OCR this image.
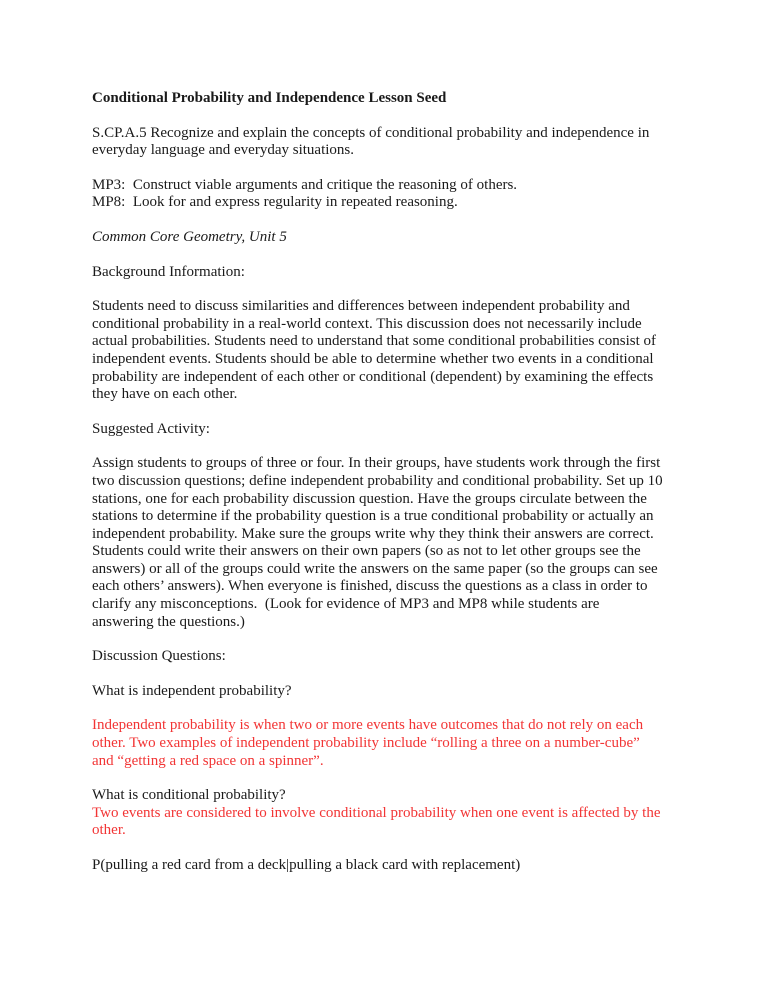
Conditional Probability and Independence Lesson Seed

S.CP.A.5 Recognize and explain the concepts of conditional probability and independence in everyday language and everyday situations.

MP3:  Construct viable arguments and critique the reasoning of others.

MP8:  Look for and express regularity in repeated reasoning.

Common Core Geometry, Unit 5

Background Information:

Students need to discuss similarities and differences between independent probability and conditional probability in a real-world context. This discussion does not necessarily include actual probabilities. Students need to understand that some conditional probabilities consist of independent events. Students should be able to determine whether two events in a conditional probability are independent of each other or conditional (dependent) by examining the effects they have on each other.

Suggested Activity:

Assign students to groups of three or four. In their groups, have students work through the first two discussion questions; define independent probability and conditional probability. Set up 10 stations, one for each probability discussion question. Have the groups circulate between the stations to determine if the probability question is a true conditional probability or actually an independent probability. Make sure the groups write why they think their answers are correct. Students could write their answers on their own papers (so as not to let other groups see the answers) or all of the groups could write the answers on the same paper (so the groups can see each others’ answers). When everyone is finished, discuss the questions as a class in order to clarify any misconceptions.  (Look for evidence of MP3 and MP8 while students are answering the questions.)

Discussion Questions:

What is independent probability?

Independent probability is when two or more events have outcomes that do not rely on each other. Two examples of independent probability include “rolling a three on a number-cube” and “getting a red space on a spinner”.

What is conditional probability?

Two events are considered to involve conditional probability when one event is affected by the other.

P(pulling a red card from a deck|pulling a black card with replacement)
